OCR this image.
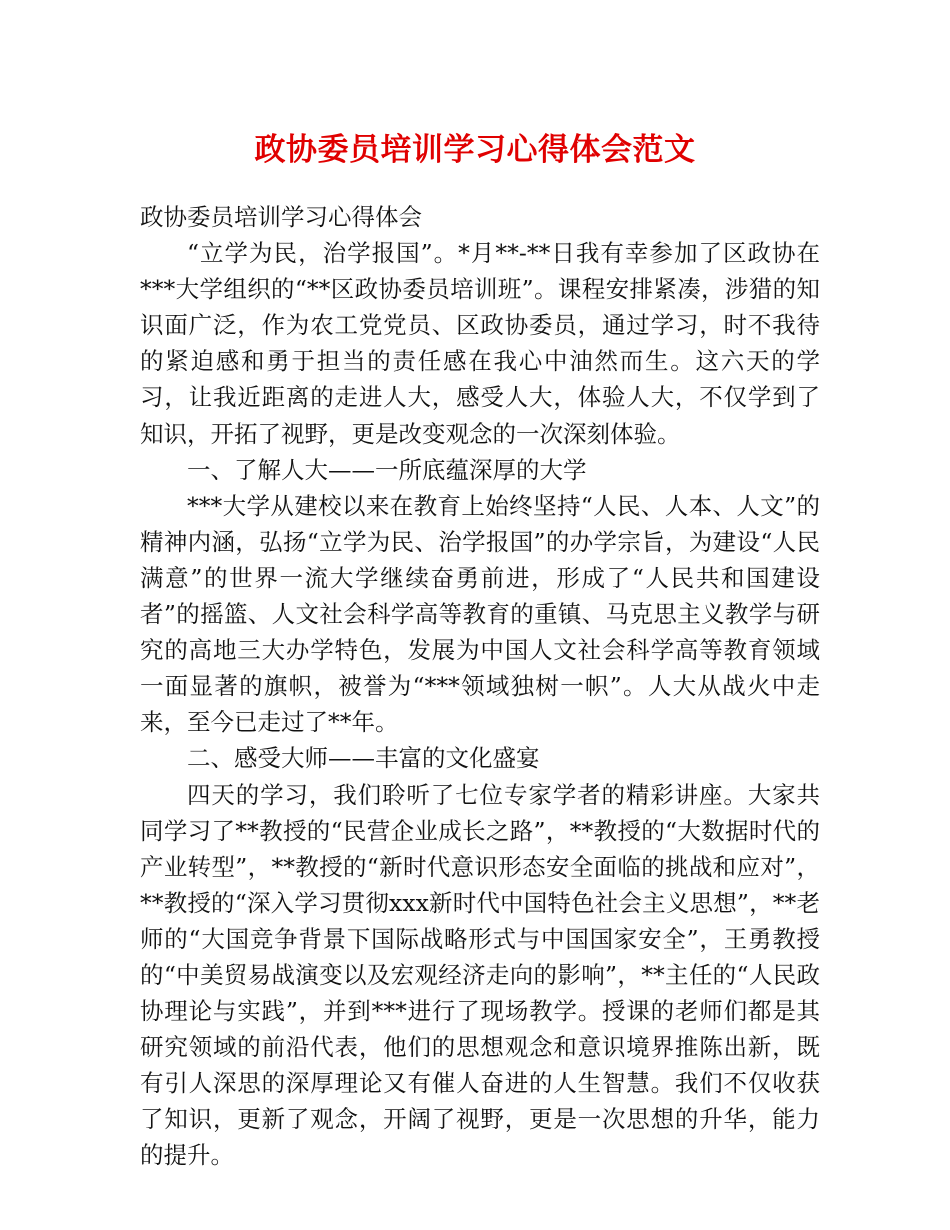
政协委员培训学习心得体会范文

政协委员培训学习心得体会

“立学为民，治学报国”。*月**-**日我有幸参加了区政协在***大学组织的“**区政协委员培训班”。课程安排紧凑，涉猎的知识面广泛，作为农工党党员、区政协委员，通过学习，时不我待的紧迫感和勇于担当的责任感在我心中油然而生。这六天的学习，让我近距离的走进人大，感受人大，体验人大，不仅学到了知识，开拓了视野，更是改变观念的一次深刻体验。

一、了解人大——一所底蕴深厚的大学

***大学从建校以来在教育上始终坚持“人民、人本、人文”的精神内涵，弘扬“立学为民、治学报国”的办学宗旨，为建设“人民满意”的世界一流大学继续奋勇前进，形成了“人民共和国建设者”的摇篮、人文社会科学高等教育的重镇、马克思主义教学与研究的高地三大办学特色，发展为中国人文社会科学高等教育领域一面显著的旗帜，被誉为“***领域独树一帜”。人大从战火中走来，至今已走过了**年。

二、感受大师——丰富的文化盛宴

四天的学习，我们聆听了七位专家学者的精彩讲座。大家共同学习了**教授的“民营企业成长之路”，**教授的“大数据时代的产业转型”，**教授的“新时代意识形态安全面临的挑战和应对”，**教授的“深入学习贯彻xxx新时代中国特色社会主义思想”，**老师的“大国竞争背景下国际战略形式与中国国家安全”，王勇教授的“中美贸易战演变以及宏观经济走向的影响”，**主任的“人民政协理论与实践”，并到***进行了现场教学。授课的老师们都是其研究领域的前沿代表，他们的思想观念和意识境界推陈出新，既有引人深思的深厚理论又有催人奋进的人生智慧。我们不仅收获了知识，更新了观念，开阔了视野，更是一次思想的升华，能力的提升。
